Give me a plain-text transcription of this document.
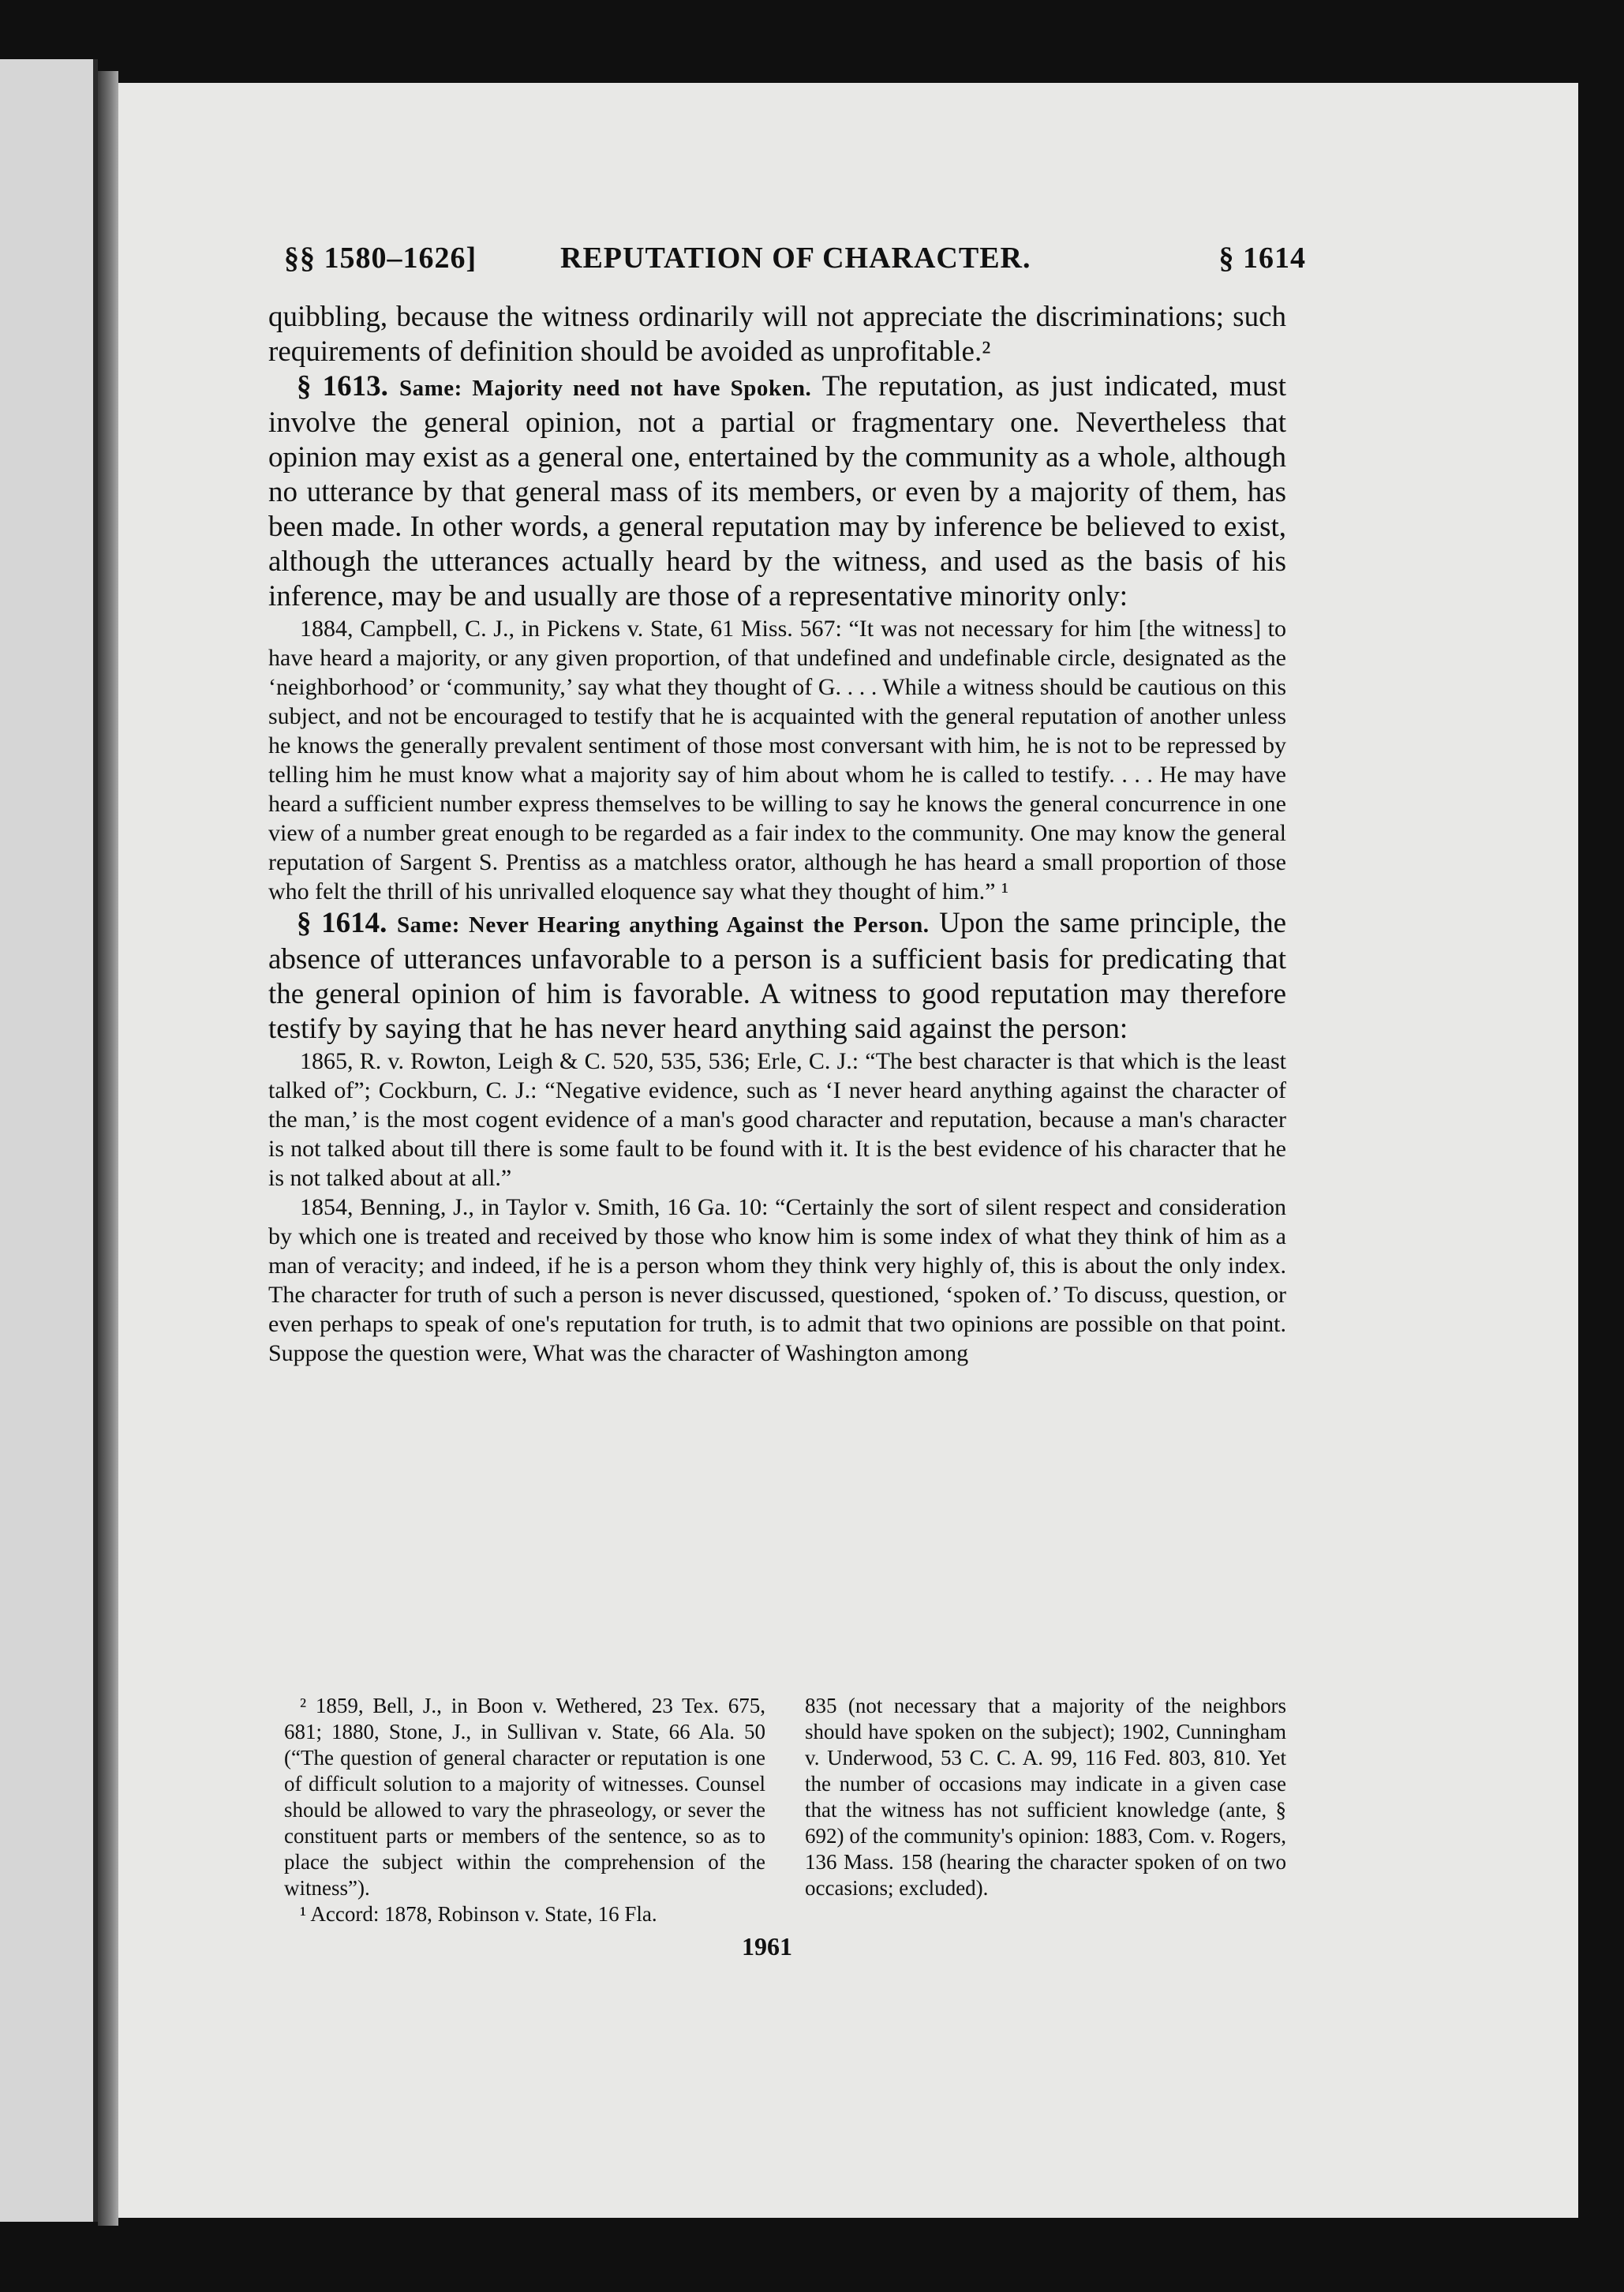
§§ 1580–1626]	REPUTATION OF CHARACTER.	§ 1614

quibbling, because the witness ordinarily will not appreciate the discriminations; such requirements of definition should be avoided as unprofitable.²

§ 1613. Same: Majority need not have Spoken. The reputation, as just indicated, must involve the general opinion, not a partial or fragmentary one. Nevertheless that opinion may exist as a general one, entertained by the community as a whole, although no utterance by that general mass of its members, or even by a majority of them, has been made. In other words, a general reputation may by inference be believed to exist, although the utterances actually heard by the witness, and used as the basis of his inference, may be and usually are those of a representative minority only:

1884, Campbell, C. J., in Pickens v. State, 61 Miss. 567: “It was not necessary for him [the witness] to have heard a majority, or any given proportion, of that undefined and undefinable circle, designated as the ‘neighborhood’ or ‘community,’ say what they thought of G. . . . While a witness should be cautious on this subject, and not be encouraged to testify that he is acquainted with the general reputation of another unless he knows the generally prevalent sentiment of those most conversant with him, he is not to be repressed by telling him he must know what a majority say of him about whom he is called to testify. . . . He may have heard a sufficient number express themselves to be willing to say he knows the general concurrence in one view of a number great enough to be regarded as a fair index to the community. One may know the general reputation of Sargent S. Prentiss as a matchless orator, although he has heard a small proportion of those who felt the thrill of his unrivalled eloquence say what they thought of him.” ¹

§ 1614. Same: Never Hearing anything Against the Person. Upon the same principle, the absence of utterances unfavorable to a person is a sufficient basis for predicating that the general opinion of him is favorable. A witness to good reputation may therefore testify by saying that he has never heard anything said against the person:

1865, R. v. Rowton, Leigh & C. 520, 535, 536; Erle, C. J.: “The best character is that which is the least talked of”; Cockburn, C. J.: “Negative evidence, such as ‘I never heard anything against the character of the man,’ is the most cogent evidence of a man's good character and reputation, because a man's character is not talked about till there is some fault to be found with it. It is the best evidence of his character that he is not talked about at all.”

1854, Benning, J., in Taylor v. Smith, 16 Ga. 10: “Certainly the sort of silent respect and consideration by which one is treated and received by those who know him is some index of what they think of him as a man of veracity; and indeed, if he is a person whom they think very highly of, this is about the only index. The character for truth of such a person is never discussed, questioned, ‘spoken of.’ To discuss, question, or even perhaps to speak of one's reputation for truth, is to admit that two opinions are possible on that point. Suppose the question were, What was the character of Washington among

² 1859, Bell, J., in Boon v. Wethered, 23 Tex. 675, 681; 1880, Stone, J., in Sullivan v. State, 66 Ala. 50 (“The question of general character or reputation is one of difficult solution to a majority of witnesses. Counsel should be allowed to vary the phraseology, or sever the constituent parts or members of the sentence, so as to place the subject within the comprehension of the witness”).

¹ Accord: 1878, Robinson v. State, 16 Fla.

835 (not necessary that a majority of the neighbors should have spoken on the subject); 1902, Cunningham v. Underwood, 53 C. C. A. 99, 116 Fed. 803, 810. Yet the number of occasions may indicate in a given case that the witness has not sufficient knowledge (ante, § 692) of the community's opinion: 1883, Com. v. Rogers, 136 Mass. 158 (hearing the character spoken of on two occasions; excluded).

1961
